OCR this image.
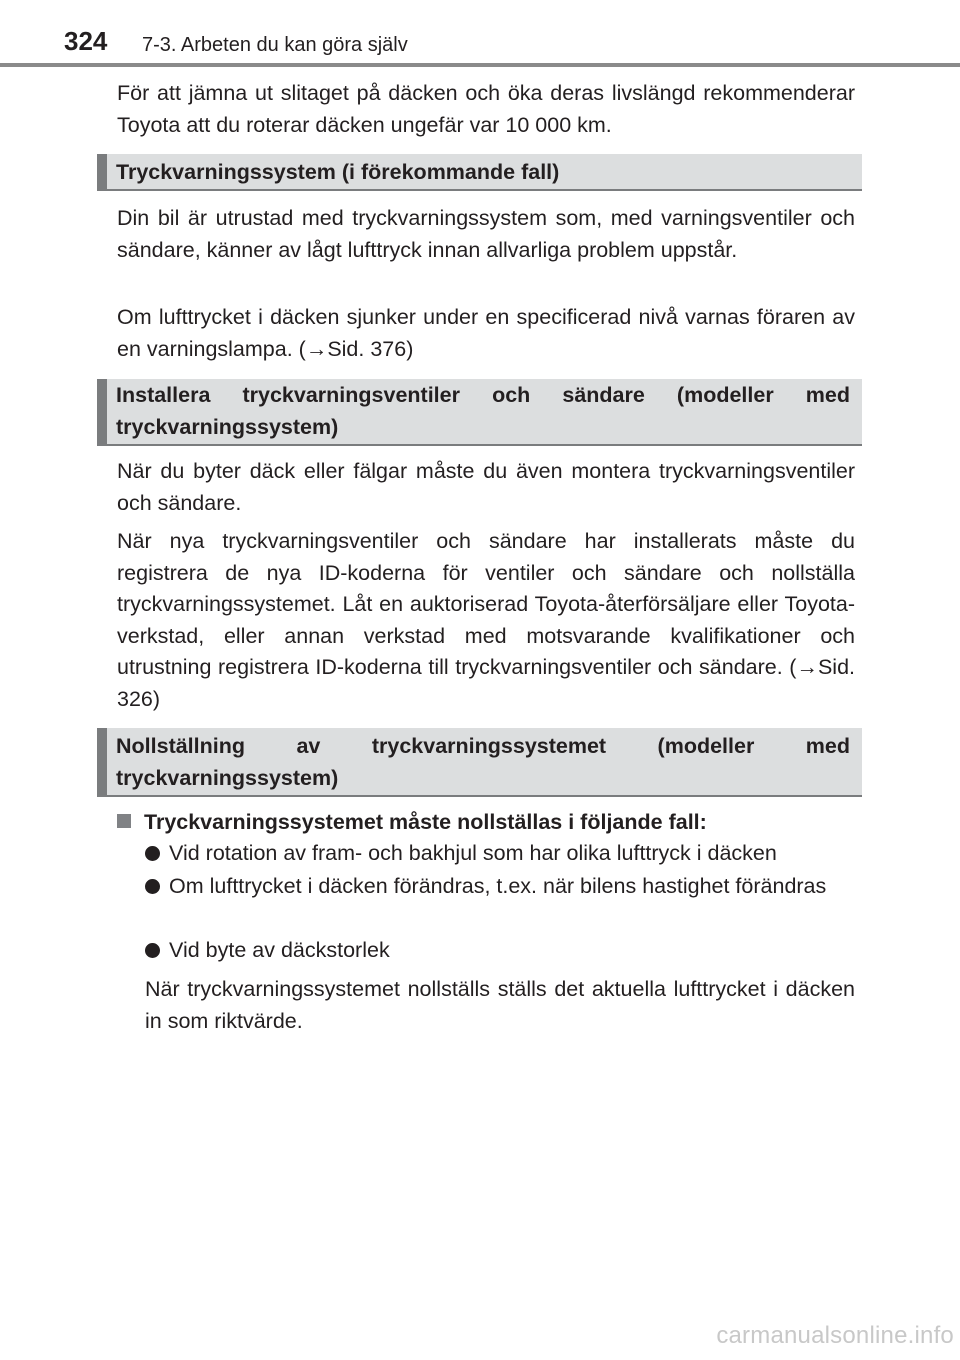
324 7-3. Arbeten du kan göra själv

För att jämna ut slitaget på däcken och öka deras livslängd rekommenderar Toyota att du roterar däcken ungefär var 10 000 km.

Tryckvarningssystem (i förekommande fall)

Din bil är utrustad med tryckvarningssystem som, med varningsventiler och sändare, känner av lågt lufttryck innan allvarliga problem uppstår.

Om lufttrycket i däcken sjunker under en specificerad nivå varnas föraren av en varningslampa. (→Sid. 376)

Installera tryckvarningsventiler och sändare (modeller med tryckvarningssystem)

När du byter däck eller fälgar måste du även montera tryckvarningsventiler och sändare.

När nya tryckvarningsventiler och sändare har installerats måste du registrera de nya ID-koderna för ventiler och sändare och nollställa tryckvarningssystemet. Låt en auktoriserad Toyota-återförsäljare eller Toyota-verkstad, eller annan verkstad med motsvarande kvalifikationer och utrustning registrera ID-koderna till tryckvarningsventiler och sändare. (→Sid. 326)

Nollställning av tryckvarningssystemet (modeller med tryckvarningssystem)
Tryckvarningssystemet måste nollställas i följande fall:

Vid rotation av fram- och bakhjul som har olika lufttryck i däcken

Om lufttrycket i däcken förändras, t.ex. när bilens hastighet förändras

Vid byte av däckstorlek

När tryckvarningssystemet nollställs ställs det aktuella lufttrycket i däcken in som riktvärde.

carmanualsonline.info
